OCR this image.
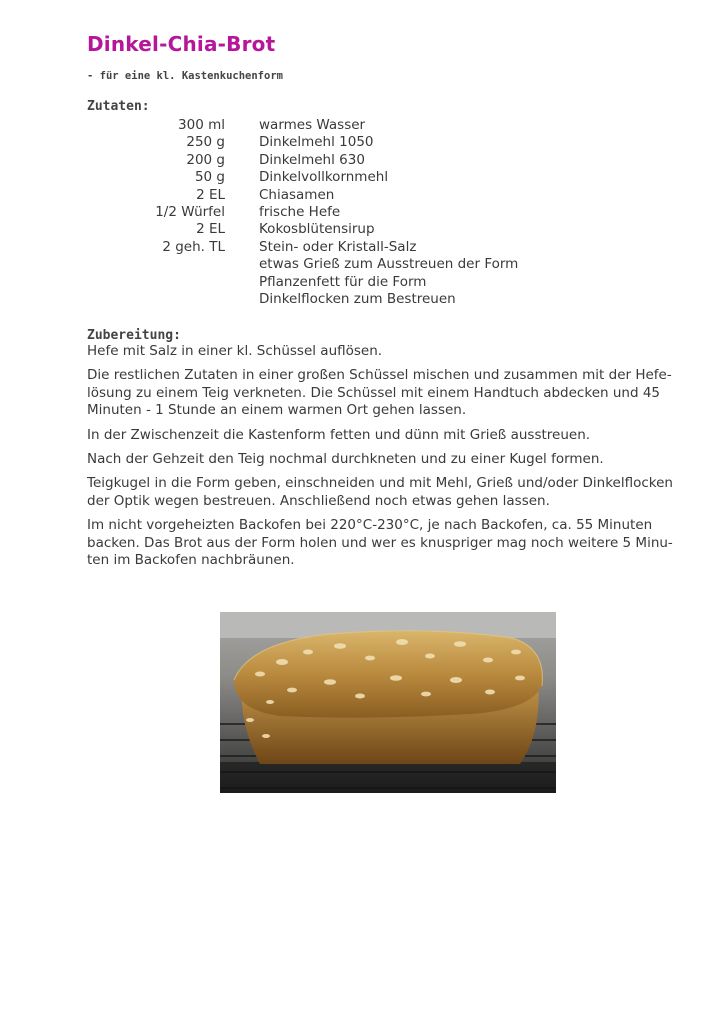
Dinkel-Chia-Brot
- für eine kl. Kastenkuchenform
Zutaten:
300 ml	warmes Wasser
250 g	Dinkelmehl 1050
200 g	Dinkelmehl 630
50 g	Dinkelvollkornmehl
2 EL	Chiasamen
1/2 Würfel	frische Hefe
2 EL	Kokosblütensirup
2 geh. TL	Stein- oder Kristall-Salz
etwas Grieß zum Ausstreuen der Form
Pflanzenfett für die Form
Dinkelflocken zum Bestreuen
Zubereitung:

Hefe mit Salz in einer kl. Schüssel auflösen.

Die restlichen Zutaten in einer großen Schüssel mischen und zusammen mit der Hefe-lösung zu einem Teig verkneten. Die Schüssel mit einem Handtuch abdecken und 45 Minuten - 1 Stunde an einem warmen Ort gehen lassen.

In der Zwischenzeit die Kastenform fetten und dünn mit Grieß ausstreuen.

Nach der Gehzeit den Teig nochmal durchkneten und zu einer Kugel formen.

Teigkugel in die Form geben, einschneiden und mit Mehl, Grieß und/oder Dinkelflocken der Optik wegen bestreuen. Anschließend noch etwas gehen lassen.

Im nicht vorgeheizten Backofen bei 220°C-230°C, je nach Backofen, ca. 55 Minuten backen. Das Brot aus der Form holen und wer es knuspriger mag noch weitere 5 Minu-ten im Backofen nachbräunen.
